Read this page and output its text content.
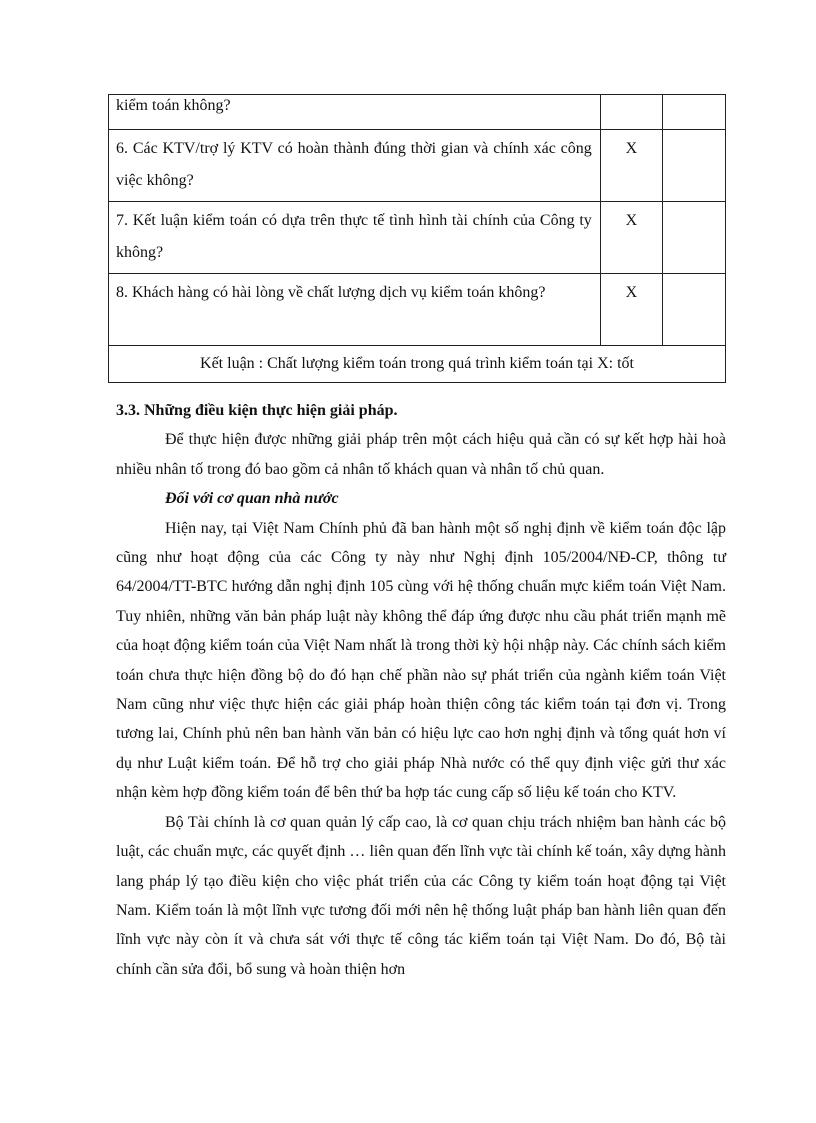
kiểm toán không?		
6. Các KTV/trợ lý KTV có hoàn thành đúng thời gian và chính xác công việc không?	X	
7. Kết luận kiểm toán có dựa trên thực tế tình hình tài chính của Công ty không?	X	
8. Khách hàng có hài lòng về chất lượng dịch vụ kiểm toán không?	X	
Kết luận : Chất lượng kiểm toán trong quá trình kiểm toán tại X: tốt		

3.3. Những điều kiện thực hiện giải pháp.

Để thực hiện được những giải pháp trên một cách hiệu quả cần có sự kết hợp hài hoà nhiều nhân tố trong đó bao gồm cả nhân tố khách quan và nhân tố chủ quan.

Đối với cơ quan nhà nước

Hiện nay, tại Việt Nam Chính phủ đã ban hành một số nghị định về kiểm toán độc lập cũng như hoạt động của các Công ty này như Nghị định 105/2004/NĐ-CP, thông tư 64/2004/TT-BTC hướng dẫn nghị định 105 cùng với hệ thống chuẩn mực kiểm toán Việt Nam. Tuy nhiên, những văn bản pháp luật này không thể đáp ứng được nhu cầu phát triển mạnh mẽ của hoạt động kiểm toán của Việt Nam nhất là trong thời kỳ hội nhập này. Các chính sách kiểm toán chưa thực hiện đồng bộ do đó hạn chế phần nào sự phát triển của ngành kiểm toán Việt Nam cũng như việc thực hiện các giải pháp hoàn thiện công tác kiểm toán tại đơn vị. Trong tương lai, Chính phủ nên ban hành văn bản có hiệu lực cao hơn nghị định và tổng quát hơn ví dụ như Luật kiểm toán. Để hỗ trợ cho giải pháp Nhà nước có thể quy định việc gửi thư xác nhận kèm hợp đồng kiểm toán để bên thứ ba hợp tác cung cấp số liệu kế toán cho KTV.

Bộ Tài chính là cơ quan quản lý cấp cao, là cơ quan chịu trách nhiệm ban hành các bộ luật, các chuẩn mực, các quyết định … liên quan đến lĩnh vực tài chính kế toán, xây dựng hành lang pháp lý tạo điều kiện cho việc phát triển của các Công ty kiểm toán hoạt động tại Việt Nam. Kiểm toán là một lĩnh vực tương đối mới nên hệ thống luật pháp ban hành liên quan đến lĩnh vực này còn ít và chưa sát với thực tế công tác kiểm toán tại Việt Nam. Do đó, Bộ tài chính cần sửa đổi, bổ sung và hoàn thiện hơn
